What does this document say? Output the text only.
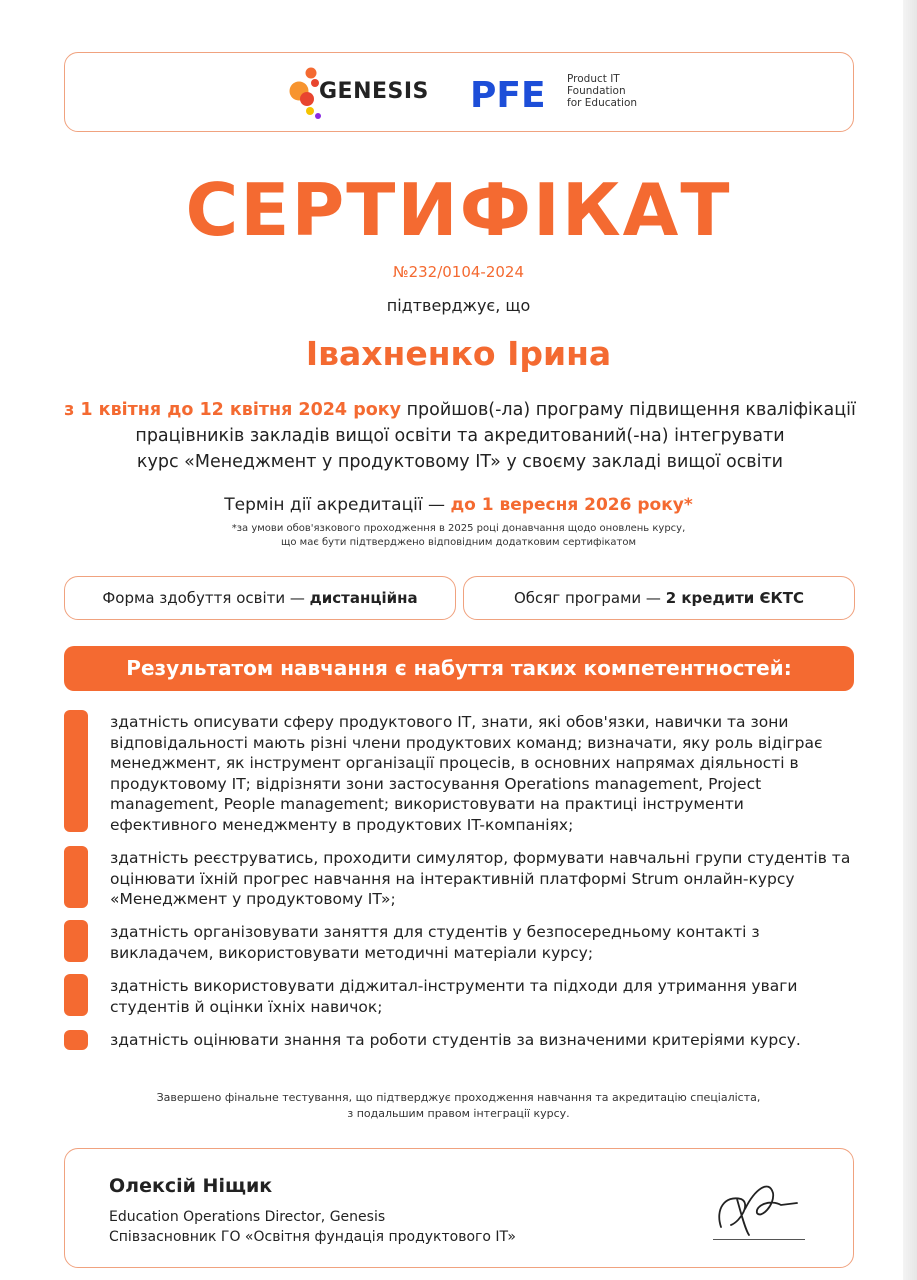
GENESIS PFE Product IT
Foundation
for Education
СЕРТИФІКАТ
№232/0104-2024
підтверджує, що
Івахненко Ірина
з 1 квітня до 12 квітня 2024 року пройшов(-ла) програму підвищення кваліфікації
працівників закладів вищої освіти та акредитований(-на) інтегрувати
курс «Менеджмент у продуктовому IT» у своєму закладі вищої освіти
Термін дії акредитації — до 1 вересня 2026 року*
*за умови обов'язкового проходження в 2025 році донавчання щодо оновлень курсу,
що має бути підтверджено відповідним додатковим сертифікатом
Форма здобуття освіти — дистанційна	Обсяг програми — 2 кредити ЄКТС
Результатом навчання є набуття таких компетентностей:
здатність описувати сферу продуктового IT, знати, які обов'язки, навички та зони відповідальності мають різні члени продуктових команд; визначати, яку роль відіграє менеджмент, як інструмент організації процесів, в основних напрямах діяльності в продуктовому IT; відрізняти зони застосування Operations management, Project management, People management; використовувати на практиці інструменти ефективного менеджменту в продуктових IT-компаніях;
здатність реєструватись, проходити симулятор, формувати навчальні групи студентів та оцінювати їхній прогрес навчання на інтерактивній платформі Strum онлайн-курсу «Менеджмент у продуктовому IT»;
здатність організовувати заняття для студентів у безпосередньому контакті з викладачем, використовувати методичні матеріали курсу;
здатність використовувати діджитал-інструменти та підходи для утримання уваги студентів й оцінки їхніх навичок;
здатність оцінювати знання та роботи студентів за визначеними критеріями курсу.
Завершено фінальне тестування, що підтверджує проходження навчання та акредитацію спеціаліста,
з подальшим правом інтеграції курсу.
Олексій Ніщик
Education Operations Director, Genesis
Співзасновник ГО «Освітня фундація продуктового IT»
